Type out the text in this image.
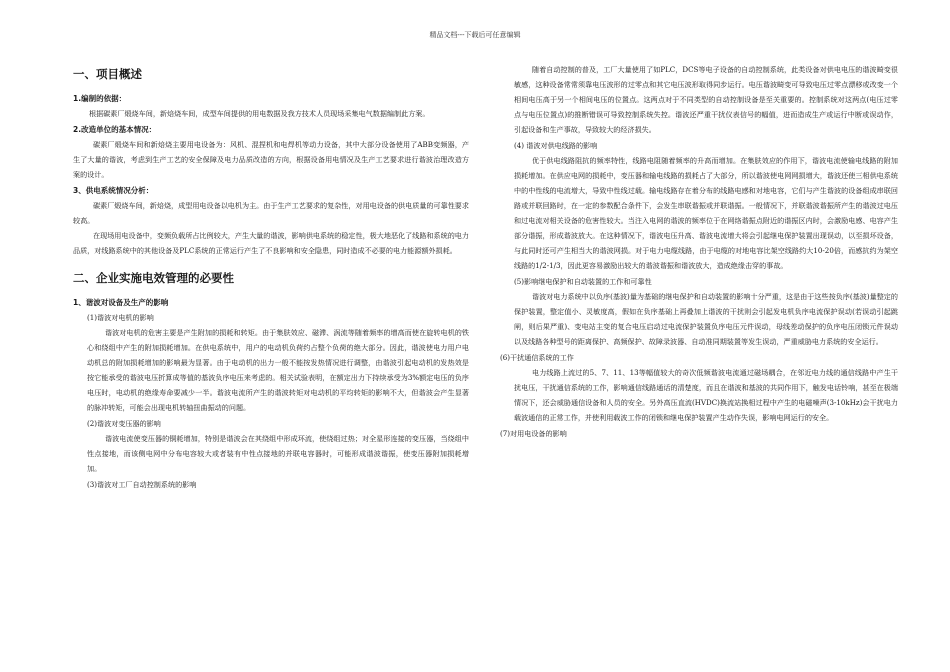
精品文档---下载后可任意编辑
一、项目概述
1.编制的依据：

根据碳素厂煅烧车间，新焙烧车间，成型车间提供的用电数据及我方技术人员现场采集电气数据编制此方案。

2.改造单位的基本情况：

碳素厂煅烧车间和新焙烧主要用电设备为：风机、混捏机和电焊机等动力设备，其中大部分设备使用了ABB变频器，产生了大量的谐波，考虑到生产工艺的安全保障及电力品质改造的方向，根据设备用电情况及生产工艺要求进行谐波治理改造方案的设计。

3、供电系统情况分析：

碳素厂煅烧车间，新焙烧，成型用电设备以电机为主。由于生产工艺要求的复杂性，对用电设备的供电质量的可靠性要求较高。

在现场用电设备中，变频负载所占比例较大，产生大量的谐波，影响供电系统的稳定性，极大地恶化了线路和系统的电力品质，对线路系统中的其他设备及PLC系统的正常运行产生了不良影响和安全隐患，同时造成不必要的电力能源额外损耗。

二、企业实施电效管理的必要性
1、谐波对设备及生产的影响
(1)谐波对电机的影响

谐波对电机的危害主要是产生附加的损耗和转矩。由于集肤效应、磁滞、涡流等随着频率的增高而使在旋转电机的铁心和绕组中产生的附加损耗增加。在供电系统中，用户的电动机负荷约占整个负荷的绝大部分。因此，谐波使电力用户电动机总的附加损耗增加的影响最为显著。由于电动机的出力一般不能按发热情况进行调整，由谐波引起电动机的发热效是按它能承受的谐波电压折算成等值的基波负序电压来考虑的。相关试验表明，在额定出力下持续承受为3%额定电压的负序电压时，电动机的绝缘寿命要减少一半。谐波电流所产生的谐波转矩对电动机的平均转矩的影响不大，但谐波会产生显著的脉冲转矩，可能会出现电机转轴扭曲振动的问题。

(2)谐波对变压器的影响

谐波电流使变压器的铜耗增加，特别是谐波会在其绕组中形成环流，使绕组过热；对全星形连接的变压器，当绕组中性点接地，而该侧电网中分布电容较大或者装有中性点接地的并联电容器时，可能形成谐波谐振，使变压器附加损耗增加。

(3)谐波对工厂自动控制系统的影响

随着自动控制的普及，工厂大量使用了如PLC，DCS等电子设备的自动控制系统，此类设备对供电电压的谐波畸变很敏感，这种设备常常须靠电压波形的过零点和其它电压波形取得同步运行。电压谐波畸变可导致电压过零点漂移或改变一个相间电压高于另一个相间电压的位置点。这两点对于不同类型的自动控制设备是至关重要的。控制系统对这两点(电压过零点与电压位置点)的推断错误可导致控制系统失控。谐波还严重干扰仪表信号的幅值，进而造成生产或运行中断或误动作，引起设备和生产事故，导致较大的经济损失。

(4) 谐波对供电线路的影响

优于供电线路阻抗的频率特性，线路电阻随着频率的升高而增加。在集肤效应的作用下，谐波电流使输电线路的附加损耗增加。在供应电网的损耗中，变压器和输电线路的损耗占了大部分，所以谐波使电网网损增大，谐波还使三相供电系统中的中性线的电流增大，导致中性线过载。输电线路存在着分布的线路电感和对地电容，它们与产生谐波的设备组成串联回路或并联回路时，在一定的参数配合条件下，会发生串联谐振或并联谐振。一般情况下，并联谐波谐振所产生的谐波过电压和过电流对相关设备的危害性较大。当注入电网的谐波的频率位于在网络谐振点附近的谐振区内时，会激励电感、电容产生部分谐振，形成谐波放大。在这种情况下，谐波电压升高、谐波电流增大将会引起继电保护装置出现误动，以至损坏设备，与此同时还可产生相当大的谐波网损。对于电力电缆线路，由于电缆的对地电容比架空线路约大10-20倍，而感抗约为架空线路的1/2-1/3，因此更容易激励出较大的谐波谐振和谐波放大，造成绝缘击穿的事故。

(5)影响继电保护和自动装置的工作和可靠性

谐波对电力系统中以负序(基波)量为基础的继电保护和自动装置的影响十分严重，这是由于这些按负序(基波)量整定的保护装置，整定值小、灵敏度高，假如在负序基础上再叠加上谐波的干扰则会引起发电机负序电流保护误动(若误动引起跳闸，则后果严重)、变电站主变的复合电压启动过电流保护装置负序电压元件误动，母线差动保护的负序电压闭锁元件误动以及线路各种型号的距离保护、高频保护、故障录波器、自动准同期装置等发生误动，严重威胁电力系统的安全运行。

(6)干扰通信系统的工作

电力线路上流过的5、7、11、13等幅值较大的奇次低频谐波电流通过磁场耦合，在邻近电力线的通信线路中产生干扰电压，干扰通信系统的工作，影响通信线路通话的清楚度，而且在谐波和基波的共同作用下，触发电话铃响，甚至在极端情况下，还会威胁通信设备和人员的安全。另外高压直流(HVDC)换流站换相过程中产生的电磁噪声(3-10kHz)会干扰电力载波通信的正常工作，并使利用载波工作的闭锁和继电保护装置产生动作失误，影响电网运行的安全。

(7)对用电设备的影响
